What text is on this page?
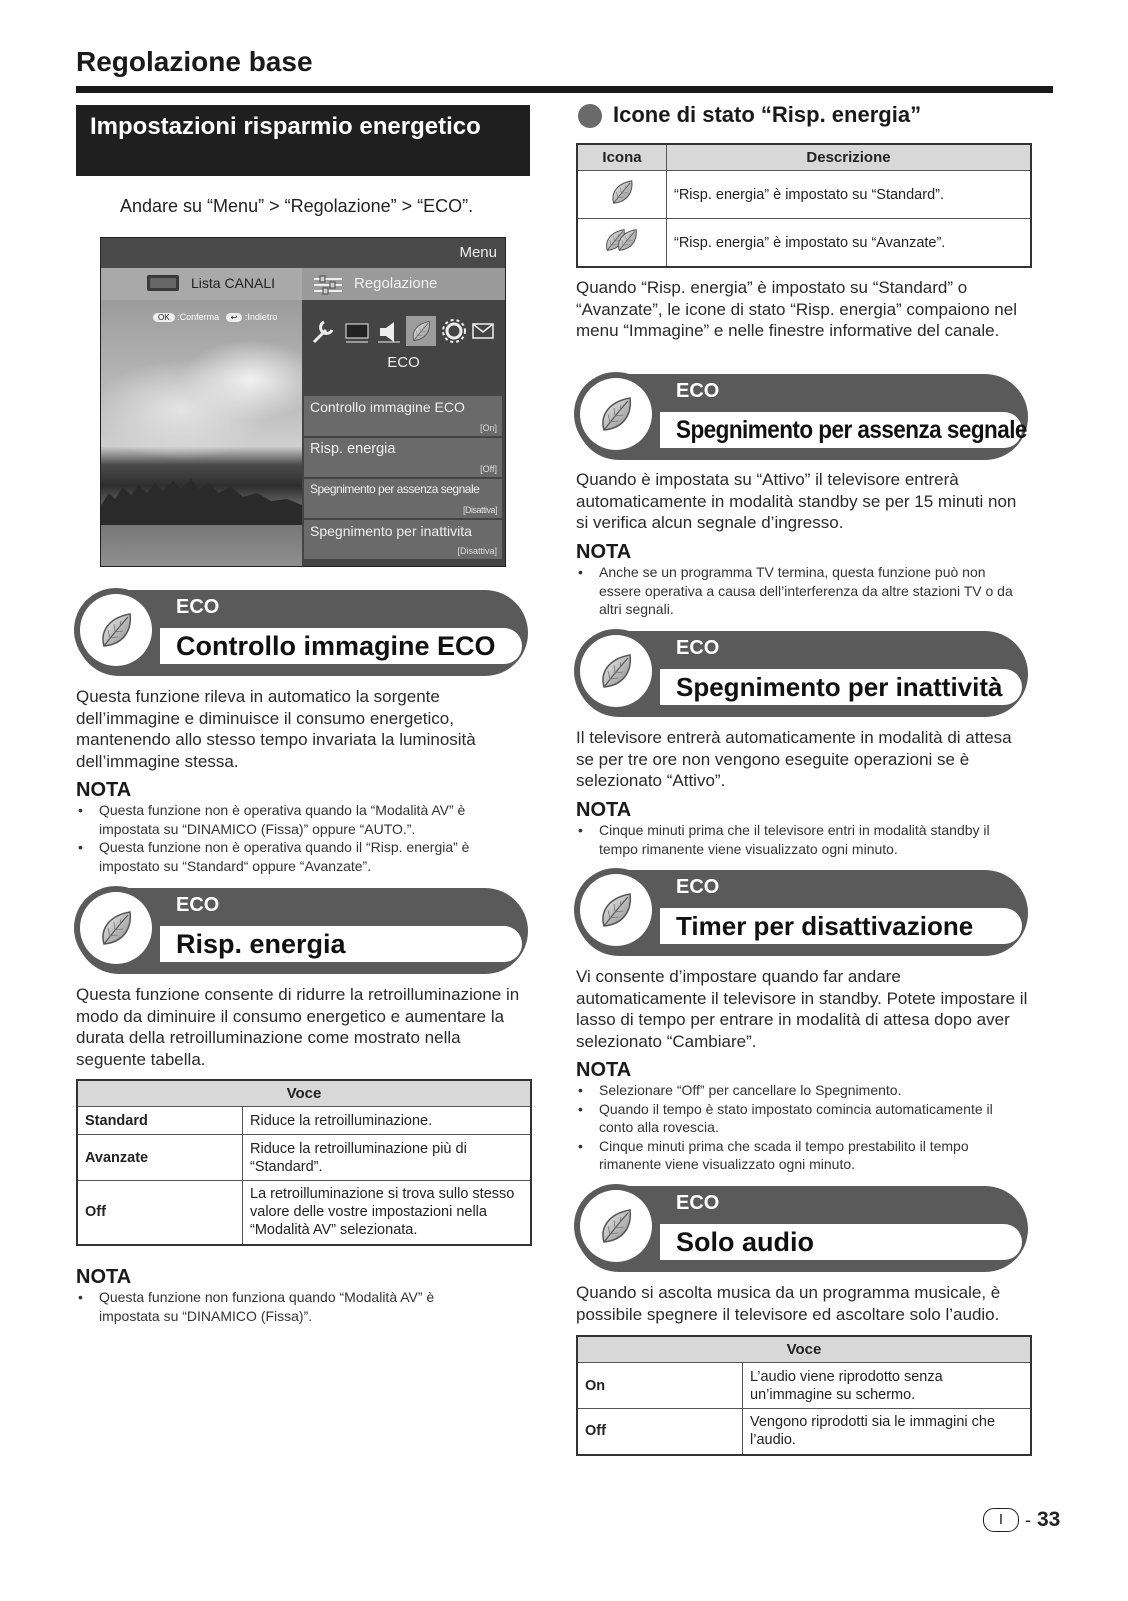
Regolazione base
Impostazioni risparmio energetico
Andare su “Menu” > “Regolazione” > “ECO”.
Menu
Lista CANALI	Regolazione
OK :Conferma ↩ :Indietro
ECO
Controllo immagine ECO
[On]
Risp. energia
[Off]
Spegnimento per assenza segnale
[Disattiva]
Spegnimento per inattivita
[Disattiva]
ECO
Controllo immagine ECO
Questa funzione rileva in automatico la sorgente dell’immagine e diminuisce il consumo energetico, mantenendo allo stesso tempo invariata la luminosità dell’immagine stessa.
NOTA
• Questa funzione non è operativa quando la “Modalità AV” è impostata su “DINAMICO (Fissa)” oppure “AUTO.”.
• Questa funzione non è operativa quando il “Risp. energia” è impostato su “Standard“ oppure “Avanzate”.
ECO
Risp. energia
Questa funzione consente di ridurre la retroilluminazione in modo da diminuire il consumo energetico e aumentare la durata della retroilluminazione come mostrato nella seguente tabella.
Voce	
Standard	Riduce la retroilluminazione.
Avanzate	Riduce la retroilluminazione più di “Standard”.
Off	La retroilluminazione si trova sullo stesso valore delle vostre impostazioni nella “Modalità AV” selezionata.
NOTA
• Questa funzione non funziona quando “Modalità AV” è impostata su “DINAMICO (Fissa)”.
Icone di stato “Risp. energia”
Icona	Descrizione
	“Risp. energia” è impostato su “Standard”.
	“Risp. energia” è impostato su “Avanzate”.
Quando “Risp. energia” è impostato su “Standard” o “Avanzate”, le icone di stato “Risp. energia” compaiono nel menu “Immagine” e nelle finestre informative del canale.
ECO
Spegnimento per assenza segnale
Quando è impostata su “Attivo” il televisore entrerà automaticamente in modalità standby se per 15 minuti non si verifica alcun segnale d’ingresso.
NOTA
• Anche se un programma TV termina, questa funzione può non essere operativa a causa dell’interferenza da altre stazioni TV o da altri segnali.
ECO
Spegnimento per inattività
Il televisore entrerà automaticamente in modalità di attesa se per tre ore non vengono eseguite operazioni se è selezionato “Attivo”.
NOTA
• Cinque minuti prima che il televisore entri in modalità standby il tempo rimanente viene visualizzato ogni minuto.
ECO
Timer per disattivazione
Vi consente d’impostare quando far andare automaticamente il televisore in standby. Potete impostare il lasso di tempo per entrare in modalità di attesa dopo aver selezionato “Cambiare”.
NOTA
• Selezionare “Off” per cancellare lo Spegnimento.
• Quando il tempo è stato impostato comincia automaticamente il conto alla rovescia.
• Cinque minuti prima che scada il tempo prestabilito il tempo rimanente viene visualizzato ogni minuto.
ECO
Solo audio
Quando si ascolta musica da un programma musicale, è possibile spegnere il televisore ed ascoltare solo l’audio.
Voce	
On	L’audio viene riprodotto senza un’immagine su schermo.
Off	Vengono riprodotti sia le immagini che l’audio.
I	- 33
